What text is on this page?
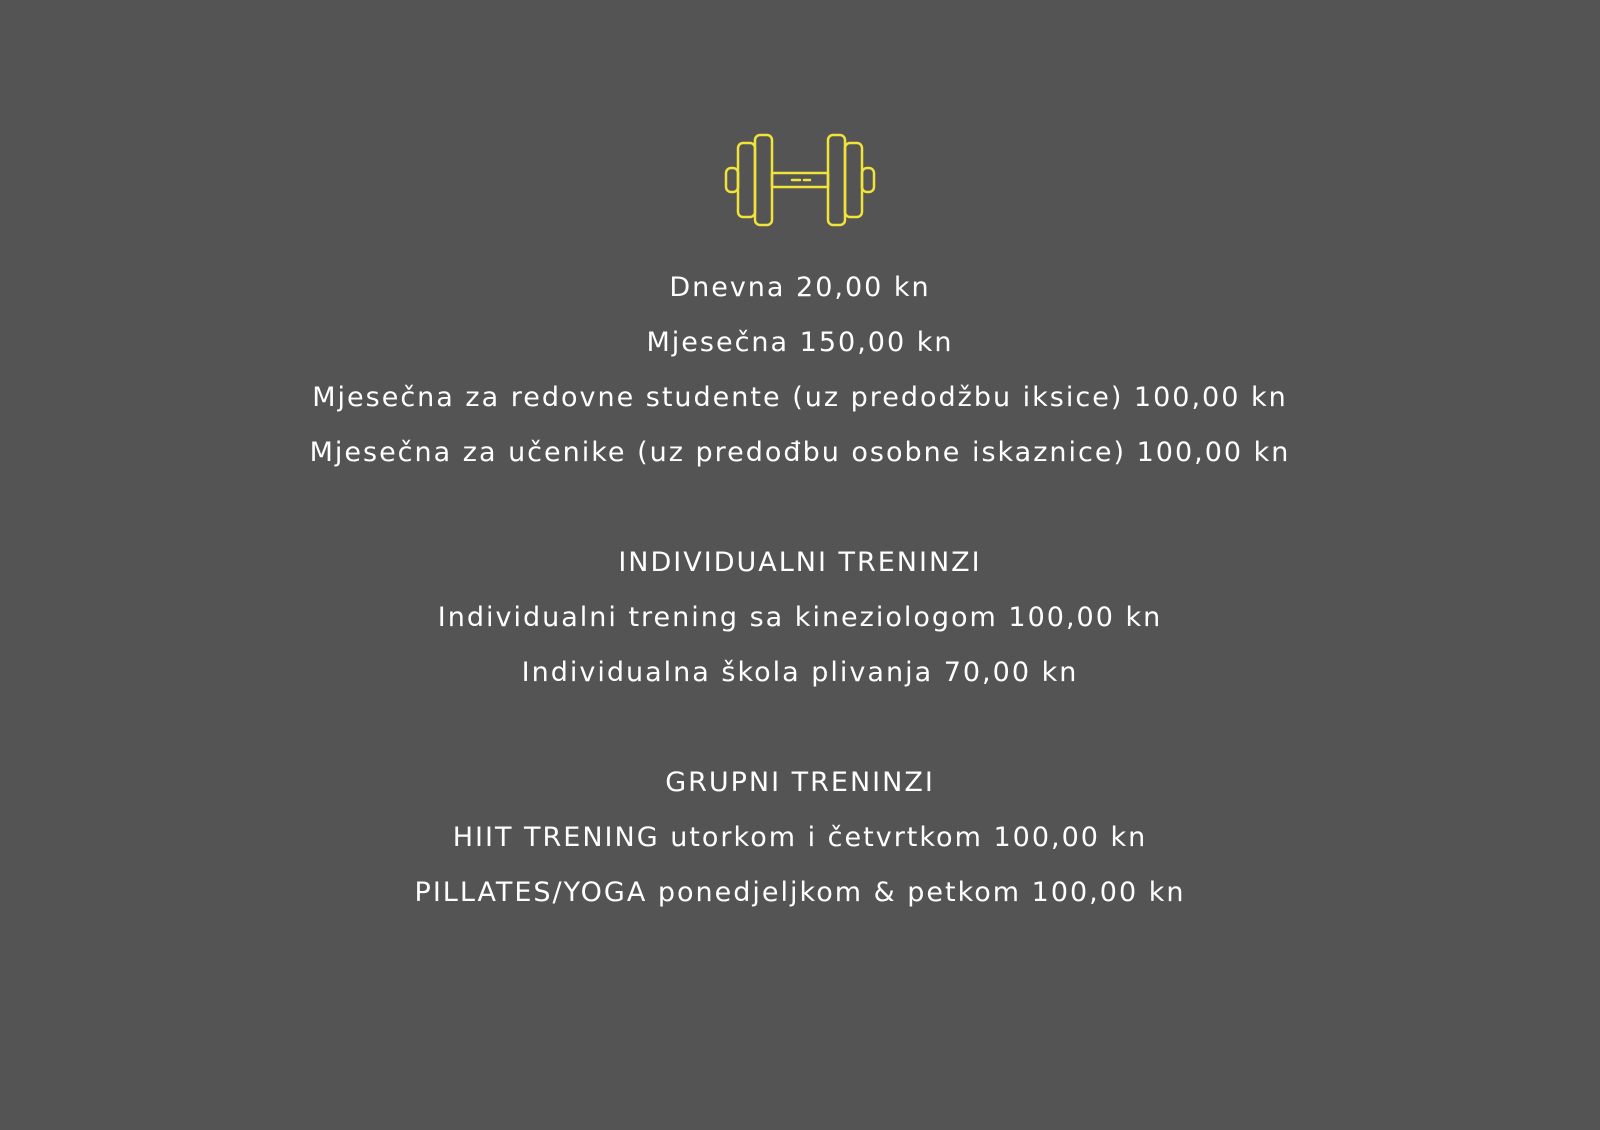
Dnevna 20,00 kn
Mjesečna 150,00 kn
Mjesečna za redovne studente (uz predodžbu iksice) 100,00 kn
Mjesečna za učenike (uz predođbu osobne iskaznice) 100,00 kn
INDIVIDUALNI TRENINZI
Individualni trening sa kineziologom 100,00 kn
Individualna škola plivanja 70,00 kn
GRUPNI TRENINZI
HIIT TRENING utorkom i četvrtkom 100,00 kn
PILLATES/YOGA ponedjeljkom & petkom 100,00 kn
